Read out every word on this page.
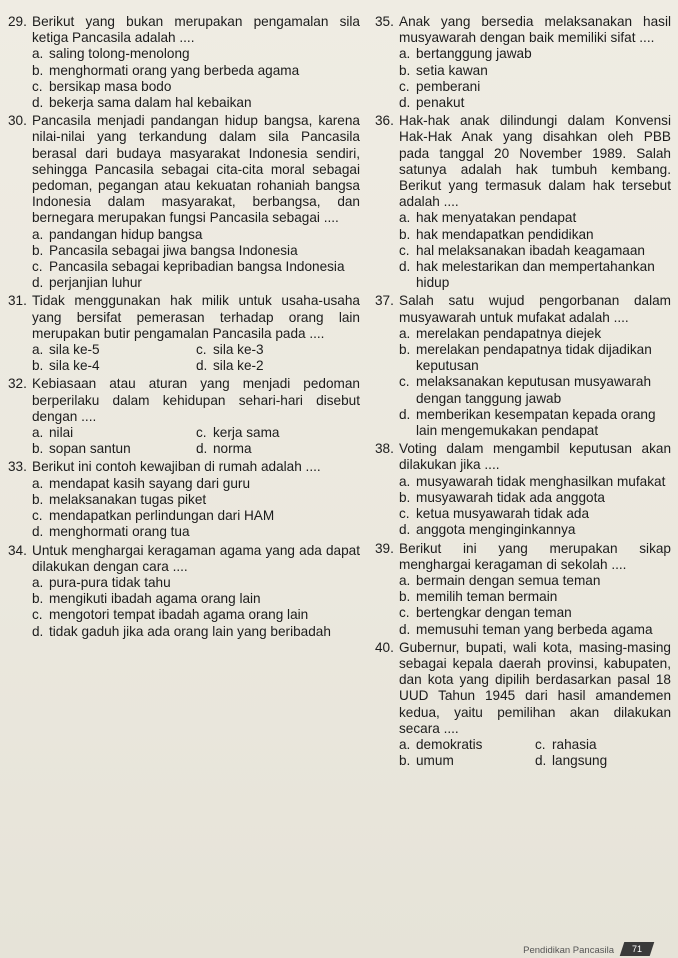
29. Berikut yang bukan merupakan pengamalan sila ketiga Pancasila adalah ....
a. saling tolong-menolong
b. menghormati orang yang berbeda agama
c. bersikap masa bodo
d. bekerja sama dalam hal kebaikan
30. Pancasila menjadi pandangan hidup bangsa, karena nilai-nilai yang terkandung dalam sila Pancasila berasal dari budaya masyarakat Indonesia sendiri, sehingga Pancasila sebagai cita-cita moral sebagai pedoman, pegangan atau kekuatan rohaniah bangsa Indonesia dalam masyarakat, berbangsa, dan bernegara merupakan fungsi Pancasila sebagai ....
a. pandangan hidup bangsa
b. Pancasila sebagai jiwa bangsa Indonesia
c. Pancasila sebagai kepribadian bangsa Indonesia
d. perjanjian luhur
31. Tidak menggunakan hak milik untuk usaha-usaha yang bersifat pemerasan terhadap orang lain merupakan butir pengamalan Pancasila pada ....
a. sila ke-5	c. sila ke-3
b. sila ke-4	d. sila ke-2
32. Kebiasaan atau aturan yang menjadi pedoman berperilaku dalam kehidupan sehari-hari disebut dengan ....
a. nilai	c. kerja sama
b. sopan santun	d. norma
33. Berikut ini contoh kewajiban di rumah adalah ....
a. mendapat kasih sayang dari guru
b. melaksanakan tugas piket
c. mendapatkan perlindungan dari HAM
d. menghormati orang tua
34. Untuk menghargai keragaman agama yang ada dapat dilakukan dengan cara ....
a. pura-pura tidak tahu
b. mengikuti ibadah agama orang lain
c. mengotori tempat ibadah agama orang lain
d. tidak gaduh jika ada orang lain yang beribadah
35. Anak yang bersedia melaksanakan hasil musyawarah dengan baik memiliki sifat ....
a. bertanggung jawab
b. setia kawan
c. pemberani
d. penakut
36. Hak-hak anak dilindungi dalam Konvensi Hak-Hak Anak yang disahkan oleh PBB pada tanggal 20 November 1989. Salah satunya adalah hak tumbuh kembang. Berikut yang termasuk dalam hak tersebut adalah ....
a. hak menyatakan pendapat
b. hak mendapatkan pendidikan
c. hal melaksanakan ibadah keagamaan
d. hak melestarikan dan mempertahankan hidup
37. Salah satu wujud pengorbanan dalam musyawarah untuk mufakat adalah ....
a. merelakan pendapatnya diejek
b. merelakan pendapatnya tidak dijadikan keputusan
c. melaksanakan keputusan musyawarah dengan tanggung jawab
d. memberikan kesempatan kepada orang lain mengemukakan pendapat
38. Voting dalam mengambil keputusan akan dilakukan jika ....
a. musyawarah tidak menghasilkan mufakat
b. musyawarah tidak ada anggota
c. ketua musyawarah tidak ada
d. anggota menginginkannya
39. Berikut ini yang merupakan sikap menghargai keragaman di sekolah ....
a. bermain dengan semua teman
b. memilih teman bermain
c. bertengkar dengan teman
d. memusuhi teman yang berbeda agama
40. Gubernur, bupati, wali kota, masing-masing sebagai kepala daerah provinsi, kabupaten, dan kota yang dipilih berdasarkan pasal 18 UUD Tahun 1945 dari hasil amandemen kedua, yaitu pemilihan akan dilakukan secara ....
a. demokratis	c. rahasia
b. umum	d. langsung
Pendidikan Pancasila	71
